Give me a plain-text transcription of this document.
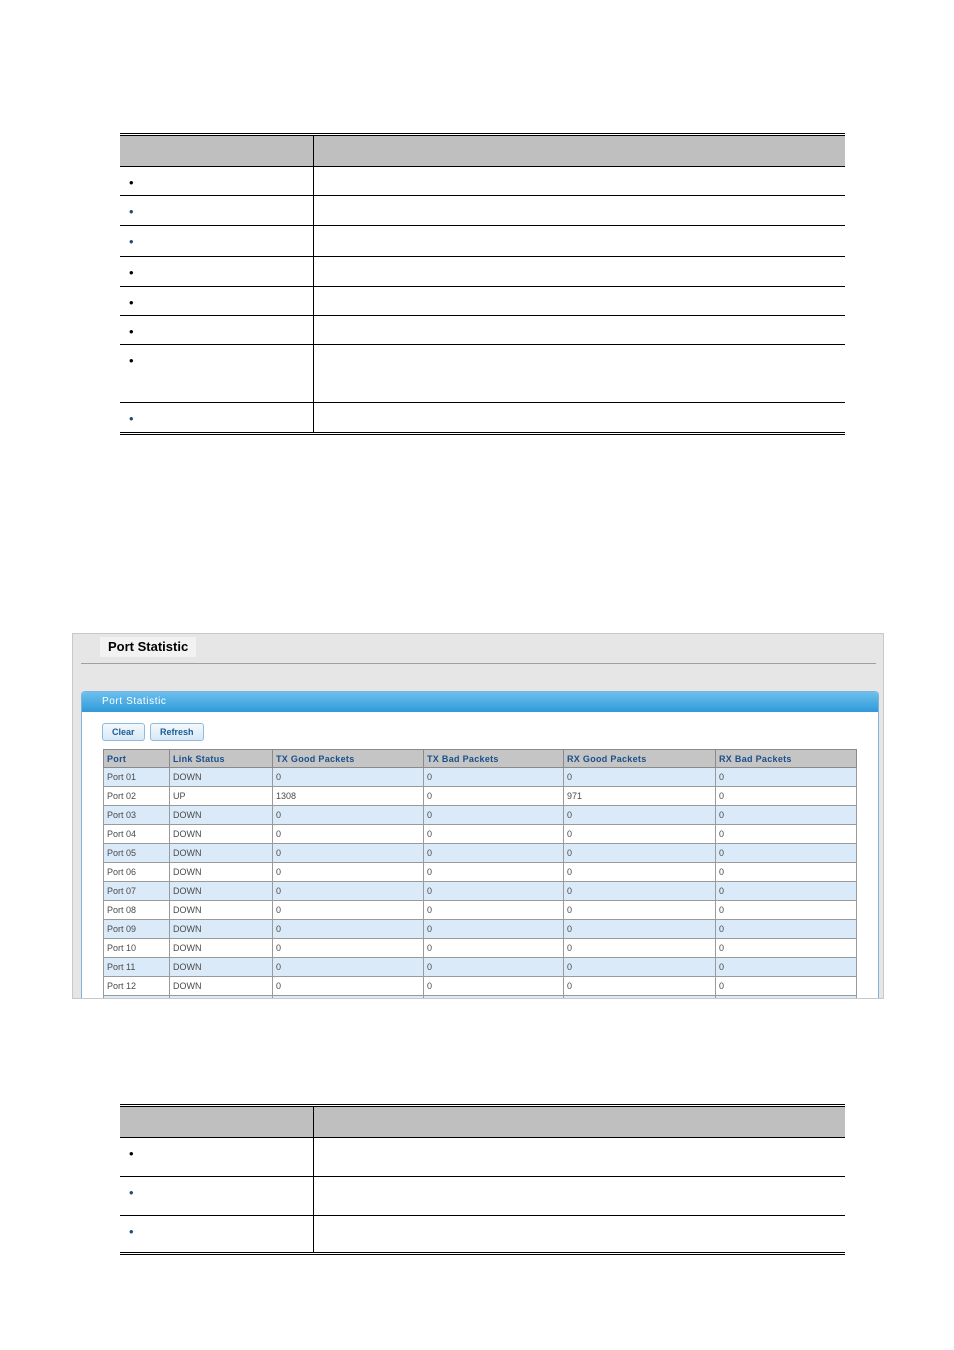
•	
•	
•	
•	
•	
•	
•	
•	
Port Statistic
Port Statistic
Clear	Refresh
Port	Link Status	TX Good Packets	TX Bad Packets	RX Good Packets	RX Bad Packets
Port 01	DOWN	0	0	0	0
Port 02	UP	1308	0	971	0
Port 03	DOWN	0	0	0	0
Port 04	DOWN	0	0	0	0
Port 05	DOWN	0	0	0	0
Port 06	DOWN	0	0	0	0
Port 07	DOWN	0	0	0	0
Port 08	DOWN	0	0	0	0
Port 09	DOWN	0	0	0	0
Port 10	DOWN	0	0	0	0
Port 11	DOWN	0	0	0	0
Port 12	DOWN	0	0	0	0

•	
•	
•	
